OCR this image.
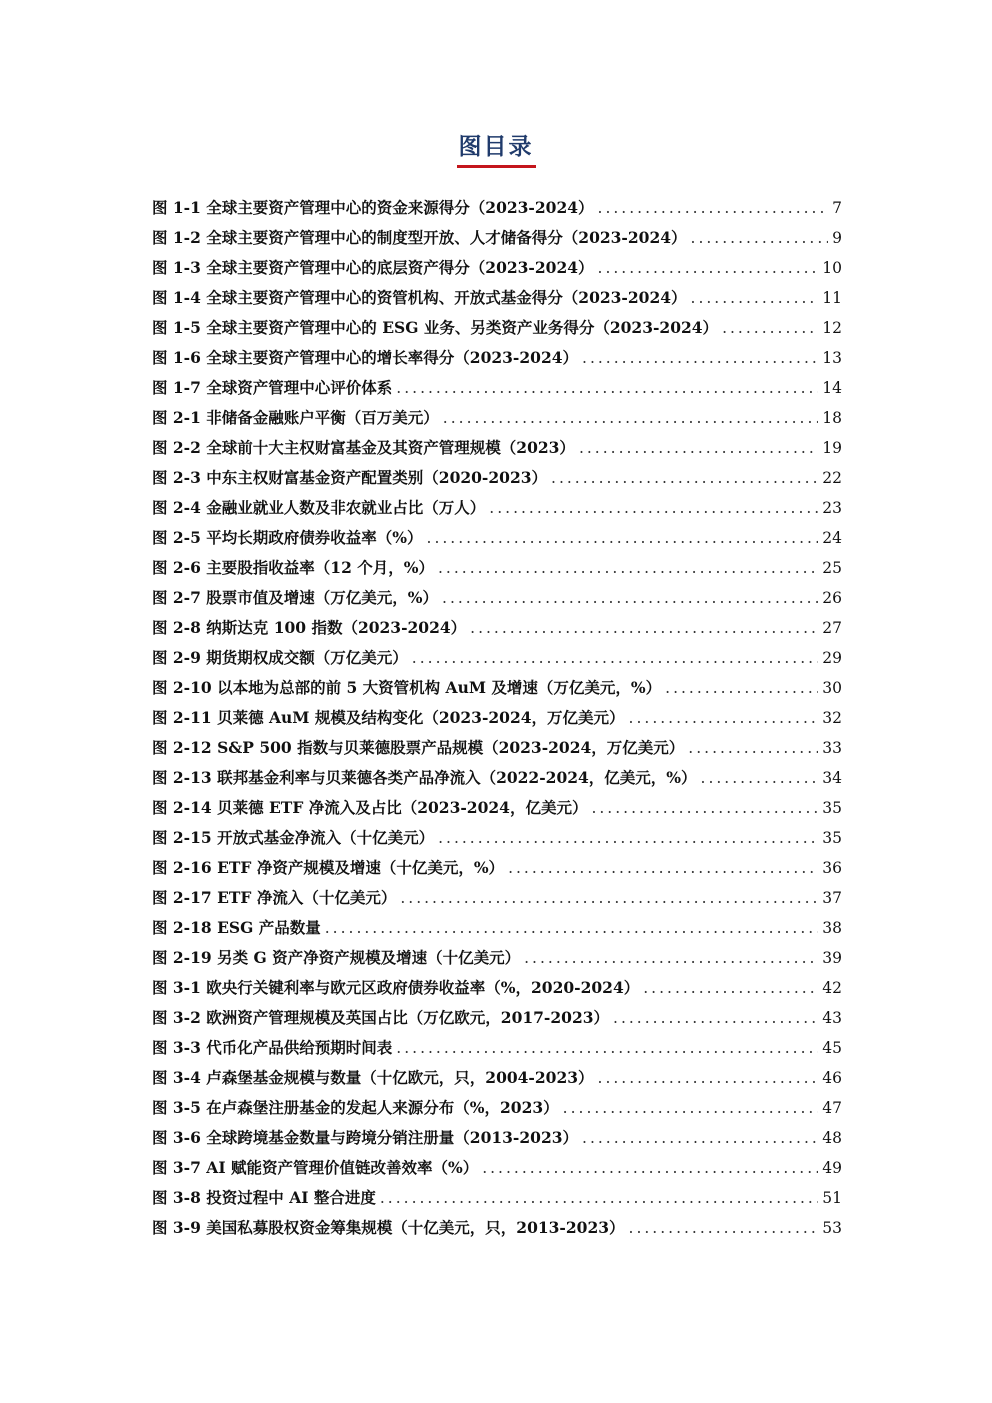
图目录
图 1-1 全球主要资产管理中心的资金来源得分（2023-2024） .....	7
图 1-2 全球主要资产管理中心的制度型开放、人才储备得分（2023-2024） .....	9
图 1-3 全球主要资产管理中心的底层资产得分（2023-2024） .....	10
图 1-4 全球主要资产管理中心的资管机构、开放式基金得分（2023-2024） .....	11
图 1-5 全球主要资产管理中心的 ESG 业务、另类资产业务得分（2023-2024） .....	12
图 1-6 全球主要资产管理中心的增长率得分（2023-2024） .....	13
图 1-7 全球资产管理中心评价体系 .....	14
图 2-1 非储备金融账户平衡（百万美元） .....	18
图 2-2 全球前十大主权财富基金及其资产管理规模（2023） .....	19
图 2-3 中东主权财富基金资产配置类别（2020-2023） .....	22
图 2-4 金融业就业人数及非农就业占比（万人） .....	23
图 2-5 平均长期政府债券收益率（%） .....	24
图 2-6 主要股指收益率（12 个月，%） .....	25
图 2-7 股票市值及增速（万亿美元，%） .....	26
图 2-8 纳斯达克 100 指数（2023-2024） .....	27
图 2-9 期货期权成交额（万亿美元） .....	29
图 2-10 以本地为总部的前 5 大资管机构 AuM 及增速（万亿美元，%） .....	30
图 2-11 贝莱德 AuM 规模及结构变化（2023-2024，万亿美元） .....	32
图 2-12 S&P 500 指数与贝莱德股票产品规模（2023-2024，万亿美元） .....	33
图 2-13 联邦基金利率与贝莱德各类产品净流入（2022-2024，亿美元，%） .....	34
图 2-14 贝莱德 ETF 净流入及占比（2023-2024，亿美元） .....	35
图 2-15 开放式基金净流入（十亿美元） .....	35
图 2-16 ETF 净资产规模及增速（十亿美元，%） .....	36
图 2-17 ETF 净流入（十亿美元） .....	37
图 2-18 ESG 产品数量 .....	38
图 2-19 另类 G 资产净资产规模及增速（十亿美元） .....	39
图 3-1 欧央行关键利率与欧元区政府债券收益率（%，2020-2024） .....	42
图 3-2 欧洲资产管理规模及英国占比（万亿欧元，2017-2023） .....	43
图 3-3 代币化产品供给预期时间表 .....	45
图 3-4 卢森堡基金规模与数量（十亿欧元，只，2004-2023） .....	46
图 3-5 在卢森堡注册基金的发起人来源分布（%，2023） .....	47
图 3-6 全球跨境基金数量与跨境分销注册量（2013-2023） .....	48
图 3-7 AI 赋能资产管理价值链改善效率（%） .....	49
图 3-8 投资过程中 AI 整合进度 .....	51
图 3-9 美国私募股权资金筹集规模（十亿美元，只，2013-2023） .....	53
